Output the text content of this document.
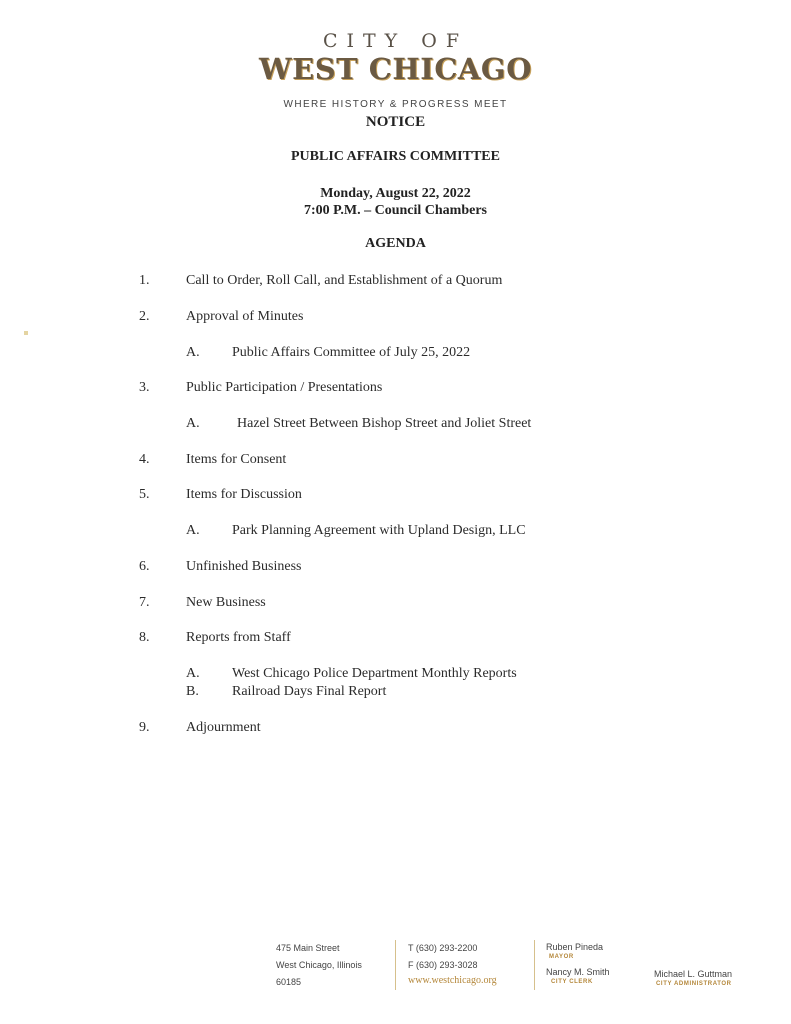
CITY OF
WEST CHICAGO
WHERE HISTORY & PROGRESS MEET
NOTICE
PUBLIC AFFAIRS COMMITTEE
Monday, August 22, 2022
7:00 P.M. – Council Chambers
AGENDA
1.	Call to Order, Roll Call, and Establishment of a Quorum
2.	Approval of Minutes
A. Public Affairs Committee of July 25, 2022
3.	Public Participation / Presentations
A.	Hazel Street Between Bishop Street and Joliet Street
4.	Items for Consent
5.	Items for Discussion
A. Park Planning Agreement with Upland Design, LLC
6.	Unfinished Business
7.	New Business
8.	Reports from Staff
A. West Chicago Police Department Monthly Reports
B. Railroad Days Final Report
9.	Adjournment
475 Main Street
West Chicago, Illinois
60185
T (630) 293-2200
F (630) 293-3028
www.westchicago.org
Ruben Pineda
MAYOR
Nancy M. Smith
CITY CLERK
Michael L. Guttman
CITY ADMINISTRATOR
